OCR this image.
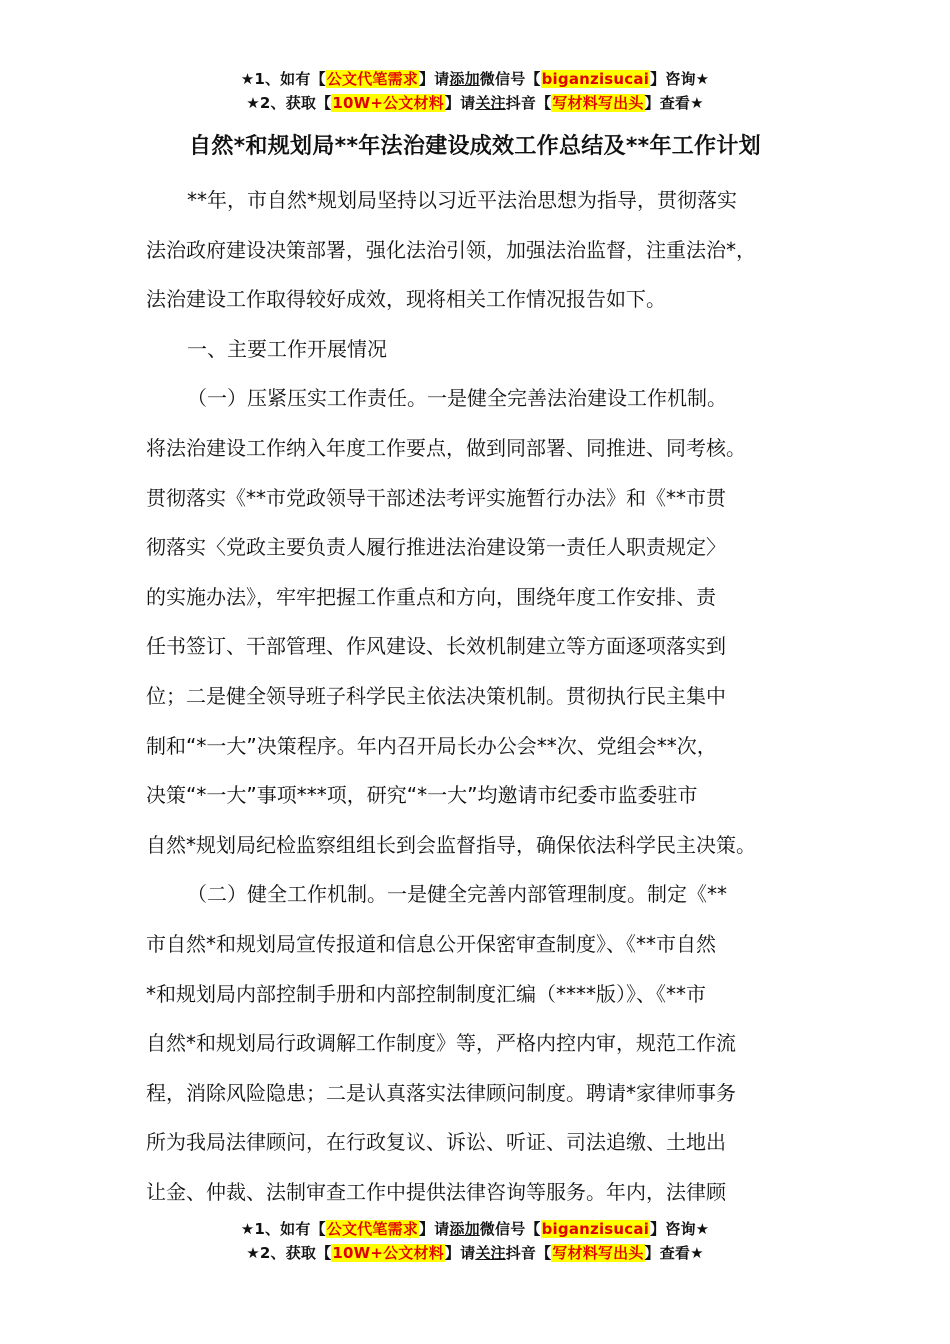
★1、如有【公文代笔需求】请添加微信号【biganzisucai】咨询★
★2、获取【10W+公文材料】请关注抖音【写材料写出头】查看★
自然*和规划局**年法治建设成效工作总结及**年工作计划
**年，市自然*规划局坚持以习近平法治思想为指导，贯彻落实
法治政府建设决策部署，强化法治引领，加强法治监督，注重法治*，
法治建设工作取得较好成效，现将相关工作情况报告如下。
一、主要工作开展情况
（一）压紧压实工作责任。一是健全完善法治建设工作机制。
将法治建设工作纳入年度工作要点，做到同部署、同推进、同考核。
贯彻落实《**市党政领导干部述法考评实施暂行办法》和《**市贯
彻落实〈党政主要负责人履行推进法治建设第一责任人职责规定〉
的实施办法》，牢牢把握工作重点和方向，围绕年度工作安排、责
任书签订、干部管理、作风建设、长效机制建立等方面逐项落实到
位；二是健全领导班子科学民主依法决策机制。贯彻执行民主集中
制和“*一大”决策程序。年内召开局长办公会**次、党组会**次，
决策“*一大”事项***项，研究“*一大”均邀请市纪委市监委驻市
自然*规划局纪检监察组组长到会监督指导，确保依法科学民主决策。
（二）健全工作机制。一是健全完善内部管理制度。制定《**
市自然*和规划局宣传报道和信息公开保密审查制度》、《**市自然
*和规划局内部控制手册和内部控制制度汇编（****版）》、《**市
自然*和规划局行政调解工作制度》等，严格内控内审，规范工作流
程，消除风险隐患；二是认真落实法律顾问制度。聘请*家律师事务
所为我局法律顾问，在行政复议、诉讼、听证、司法追缴、土地出
让金、仲裁、法制审查工作中提供法律咨询等服务。年内，法律顾
★1、如有【公文代笔需求】请添加微信号【biganzisucai】咨询★
★2、获取【10W+公文材料】请关注抖音【写材料写出头】查看★
